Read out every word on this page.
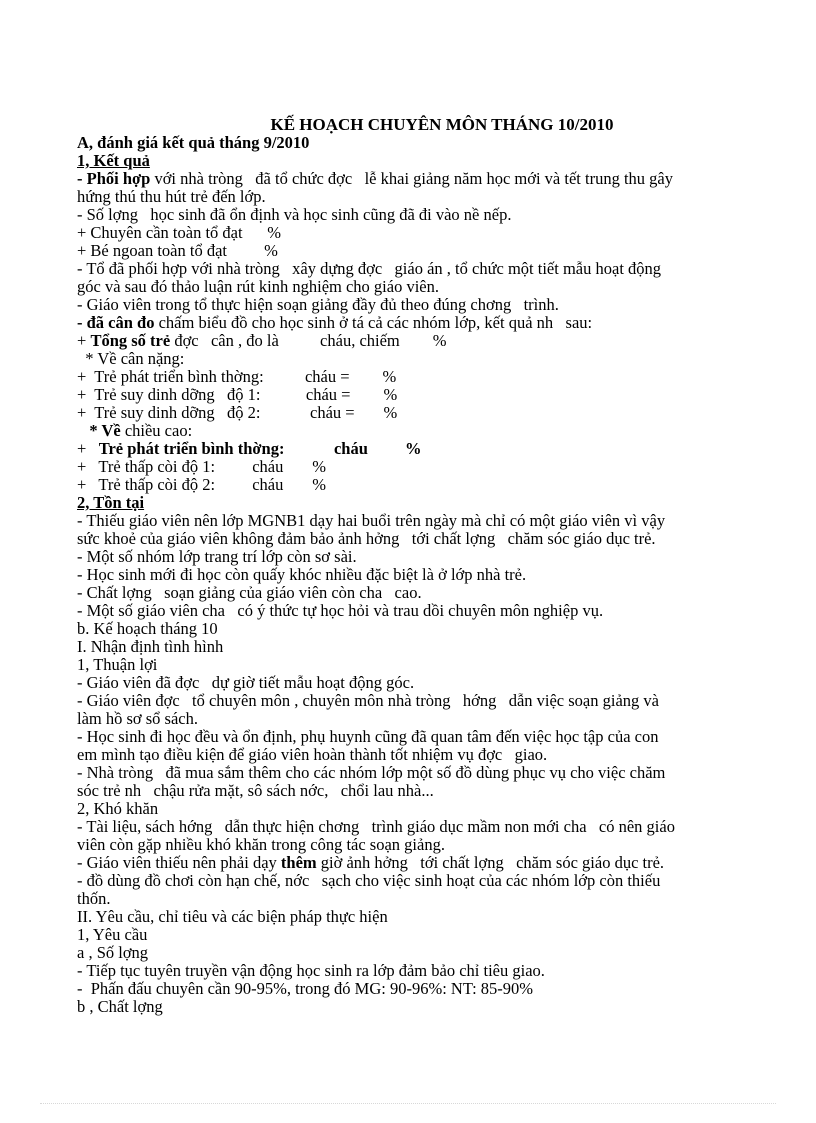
KẾ HOẠCH CHUYÊN MÔN THÁNG 10/2010
A, đánh giá kết quả tháng 9/2010
1, Kết quả
- Phối hợp với nhà tròng   đã tổ chức đợc   lễ khai giảng năm học mới và tết trung thu gây
hứng thú thu hút trẻ đến lớp.
- Số lợng   học sinh đã ổn định và học sinh cũng đã đi vào nề nếp.
+ Chuyên cần toàn tổ đạt      %
+ Bé ngoan toàn tổ đạt         %
- Tổ đã phối hợp với nhà tròng   xây dựng đợc   giáo án , tổ chức một tiết mẫu hoạt động
góc và sau đó thảo luận rút kinh nghiệm cho giáo viên.
- Giáo viên trong tổ thực hiện soạn giảng đầy đủ theo đúng chơng   trình.
- đã cân đo chấm biểu đồ cho học sinh ở tá cả các nhóm lớp, kết quả nh   sau:
+ Tổng số trẻ đợc   cân , đo là          cháu, chiếm        %
* Về cân nặng:
+  Trẻ phát triển bình thờng:          cháu =        %
+  Trẻ suy dinh dỡng   độ 1:           cháu =        %
+  Trẻ suy dinh dỡng   độ 2:            cháu =       %
* Về chiều cao:
+   Trẻ phát triển bình thờng:            cháu         %
+   Trẻ thấp còi độ 1:         cháu       %
+   Trẻ thấp còi độ 2:         cháu       %
2, Tồn tại
- Thiếu giáo viên nên lớp MGNB1 dạy hai buổi trên ngày mà chỉ có một giáo viên vì vậy
sức khoẻ của giáo viên không đảm bảo ảnh hởng   tới chất lợng   chăm sóc giáo dục trẻ.
- Một số nhóm lớp trang trí lớp còn sơ sài.
- Học sinh mới đi học còn quấy khóc nhiều đặc biệt là ở lớp nhà trẻ.
- Chất lợng   soạn giảng của giáo viên còn cha   cao.
- Một số giáo viên cha   có ý thức tự học hỏi và trau dồi chuyên môn nghiệp vụ.
b. Kế hoạch tháng 10
I. Nhận định tình hình
1, Thuận lợi
- Giáo viên đã đợc   dự giờ tiết mẫu hoạt động góc.
- Giáo viên đợc   tổ chuyên môn , chuyên môn nhà tròng   hớng   dẫn việc soạn giảng và
làm hồ sơ sổ sách.
- Học sinh đi học đều và ổn định, phụ huynh cũng đã quan tâm đến việc học tập của con
em mình tạo điều kiện để giáo viên hoàn thành tốt nhiệm vụ đợc   giao.
- Nhà tròng   đã mua sắm thêm cho các nhóm lớp một số đồ dùng phục vụ cho việc chăm
sóc trẻ nh   chậu rửa mặt, sô sách nớc,   chổi lau nhà...
2, Khó khăn
- Tài liệu, sách hớng   dẫn thực hiện chơng   trình giáo dục mầm non mới cha   có nên giáo
viên còn gặp nhiều khó khăn trong công tác soạn giảng.
- Giáo viên thiếu nên phải dạy thêm giờ ảnh hởng   tới chất lợng   chăm sóc giáo dục trẻ.
- đồ dùng đồ chơi còn hạn chế, nớc   sạch cho việc sinh hoạt của các nhóm lớp còn thiếu
thốn.
II. Yêu cầu, chỉ tiêu và các biện pháp thực hiện
1, Yêu cầu
a , Số lợng
- Tiếp tục tuyên truyền vận động học sinh ra lớp đảm bảo chỉ tiêu giao.
-  Phấn đấu chuyên cần 90-95%, trong đó MG: 90-96%: NT: 85-90%
b , Chất lợng
